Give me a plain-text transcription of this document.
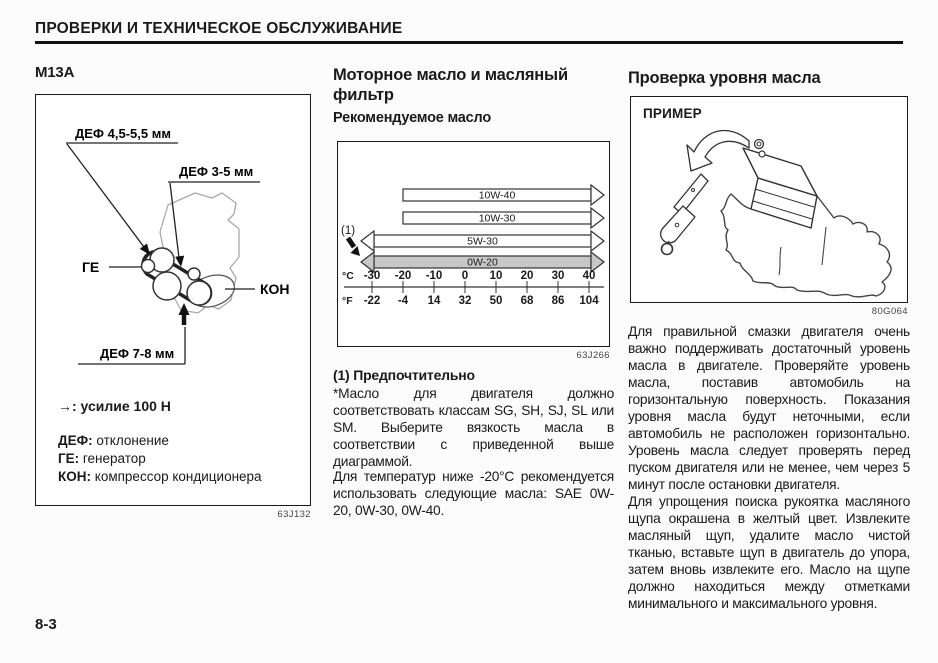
ПРОВЕРКИ И ТЕХНИЧЕСКОЕ ОБСЛУЖИВАНИЕ
M13A
ДЕФ 4,5-5,5 мм
ДЕФ 3-5 мм
ГЕ
КОН
ДЕФ 7-8 мм
→: усилие 100 Н
ДЕФ: отклонение
ГЕ: генератор
КОН: компрессор кондиционера
63J132
Моторное масло и масляный фильтр
Рекомендуемое масло
10W-40
10W-30
5W-30
0W-20
-30
-22
-20
-4
-10
14
0
32
10
50
20
68
30
86
40
104
°C
°F
(1)
63J266
(1) Предпочтительно
*Масло для двигателя должно соответствовать классам SG, SH, SJ, SL или SM. Выберите вязкость масла в соответствии с приведенной выше диаграммой.
Для температур ниже -20°C рекомендуется использовать следующие масла: SAE 0W-20, 0W-30, 0W-40.
Проверка уровня масла
ПРИМЕР
80G064
Для правильной смазки двигателя очень важно поддерживать достаточный уровень масла в двигателе. Проверяйте уровень масла, поставив автомобиль на горизонтальную поверхность. Показания уровня масла будут неточными, если автомобиль не расположен горизонтально. Уровень масла следует проверять перед пуском двигателя или не менее, чем через 5 минут после остановки двигателя.
Для упрощения поиска рукоятка масляного щупа окрашена в желтый цвет. Извлеките масляный щуп, удалите масло чистой тканью, вставьте щуп в двигатель до упора, затем вновь извлеките его. Масло на щупе должно находиться между отметками минимального и максимального уровня.
8-3
